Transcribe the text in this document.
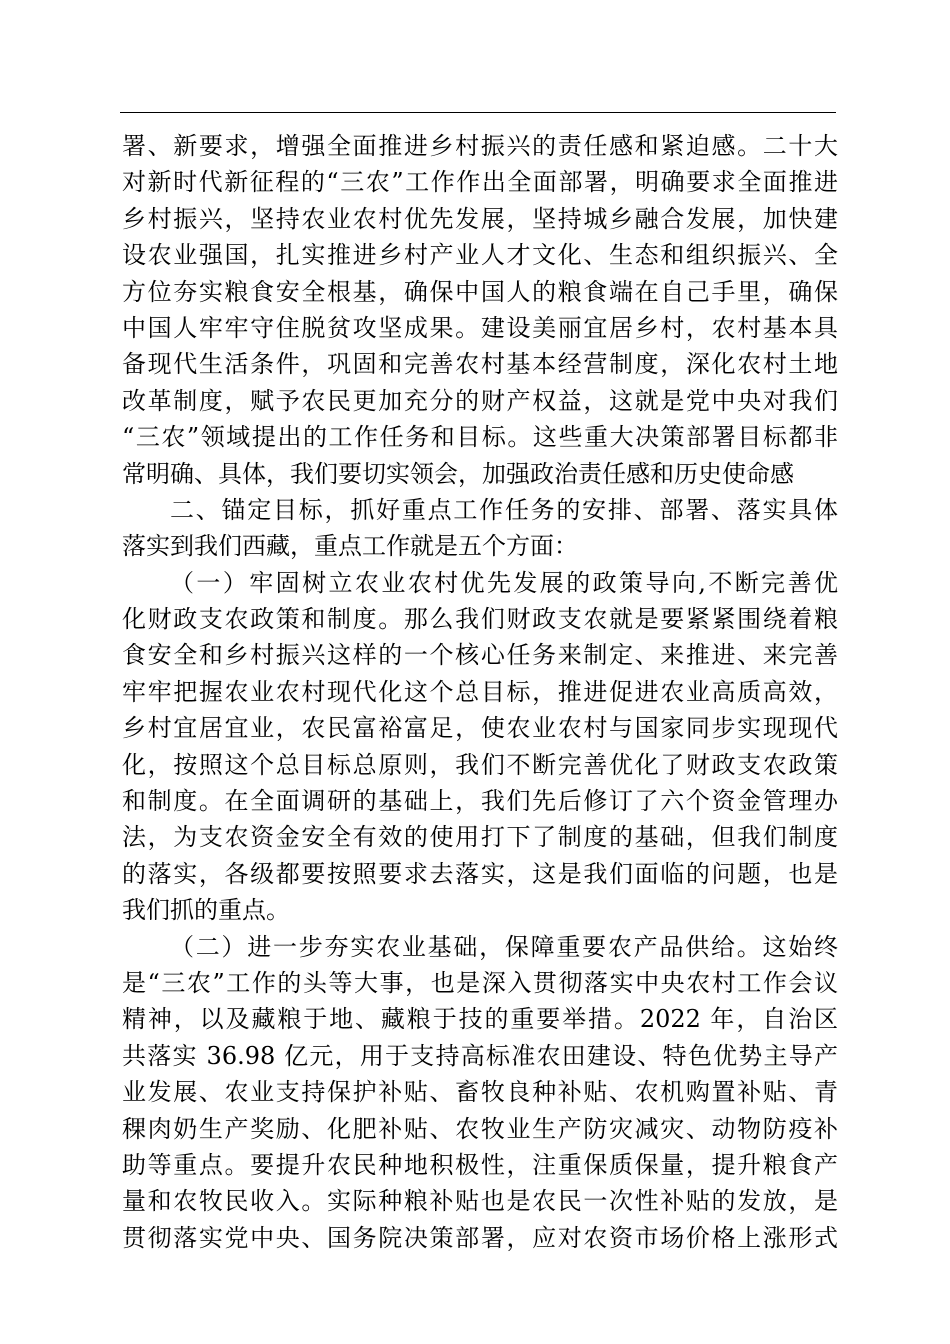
署、新要求，增强全面推进乡村振兴的责任感和紧迫感。二十大
对新时代新征程的“三农”工作作出全面部署，明确要求全面推进
乡村振兴，坚持农业农村优先发展，坚持城乡融合发展，加快建
设农业强国，扎实推进乡村产业人才文化、生态和组织振兴、全
方位夯实粮食安全根基，确保中国人的粮食端在自己手里，确保
中国人牢牢守住脱贫攻坚成果。建设美丽宜居乡村，农村基本具
备现代生活条件，巩固和完善农村基本经营制度，深化农村土地
改革制度，赋予农民更加充分的财产权益，这就是党中央对我们
“三农”领域提出的工作任务和目标。这些重大决策部署目标都非
常明确、具体，我们要切实领会，加强政治责任感和历史使命感
二、锚定目标，抓好重点工作任务的安排、部署、落实具体
落实到我们西藏，重点工作就是五个方面：
（一）牢固树立农业农村优先发展的政策导向,不断完善优
化财政支农政策和制度。那么我们财政支农就是要紧紧围绕着粮
食安全和乡村振兴这样的一个核心任务来制定、来推进、来完善
牢牢把握农业农村现代化这个总目标，推进促进农业高质高效，
乡村宜居宜业，农民富裕富足，使农业农村与国家同步实现现代
化，按照这个总目标总原则，我们不断完善优化了财政支农政策
和制度。在全面调研的基础上，我们先后修订了六个资金管理办
法，为支农资金安全有效的使用打下了制度的基础，但我们制度
的落实，各级都要按照要求去落实，这是我们面临的问题，也是
我们抓的重点。
（二）进一步夯实农业基础，保障重要农产品供给。这始终
是“三农”工作的头等大事，也是深入贯彻落实中央农村工作会议
精神，以及藏粮于地、藏粮于技的重要举措。2022 年，自治区
共落实 36.98 亿元，用于支持高标准农田建设、特色优势主导产
业发展、农业支持保护补贴、畜牧良种补贴、农机购置补贴、青
稞肉奶生产奖励、化肥补贴、农牧业生产防灾减灾、动物防疫补
助等重点。要提升农民种地积极性，注重保质保量，提升粮食产
量和农牧民收入。实际种粮补贴也是农民一次性补贴的发放，是
贯彻落实党中央、国务院决策部署，应对农资市场价格上涨形式
